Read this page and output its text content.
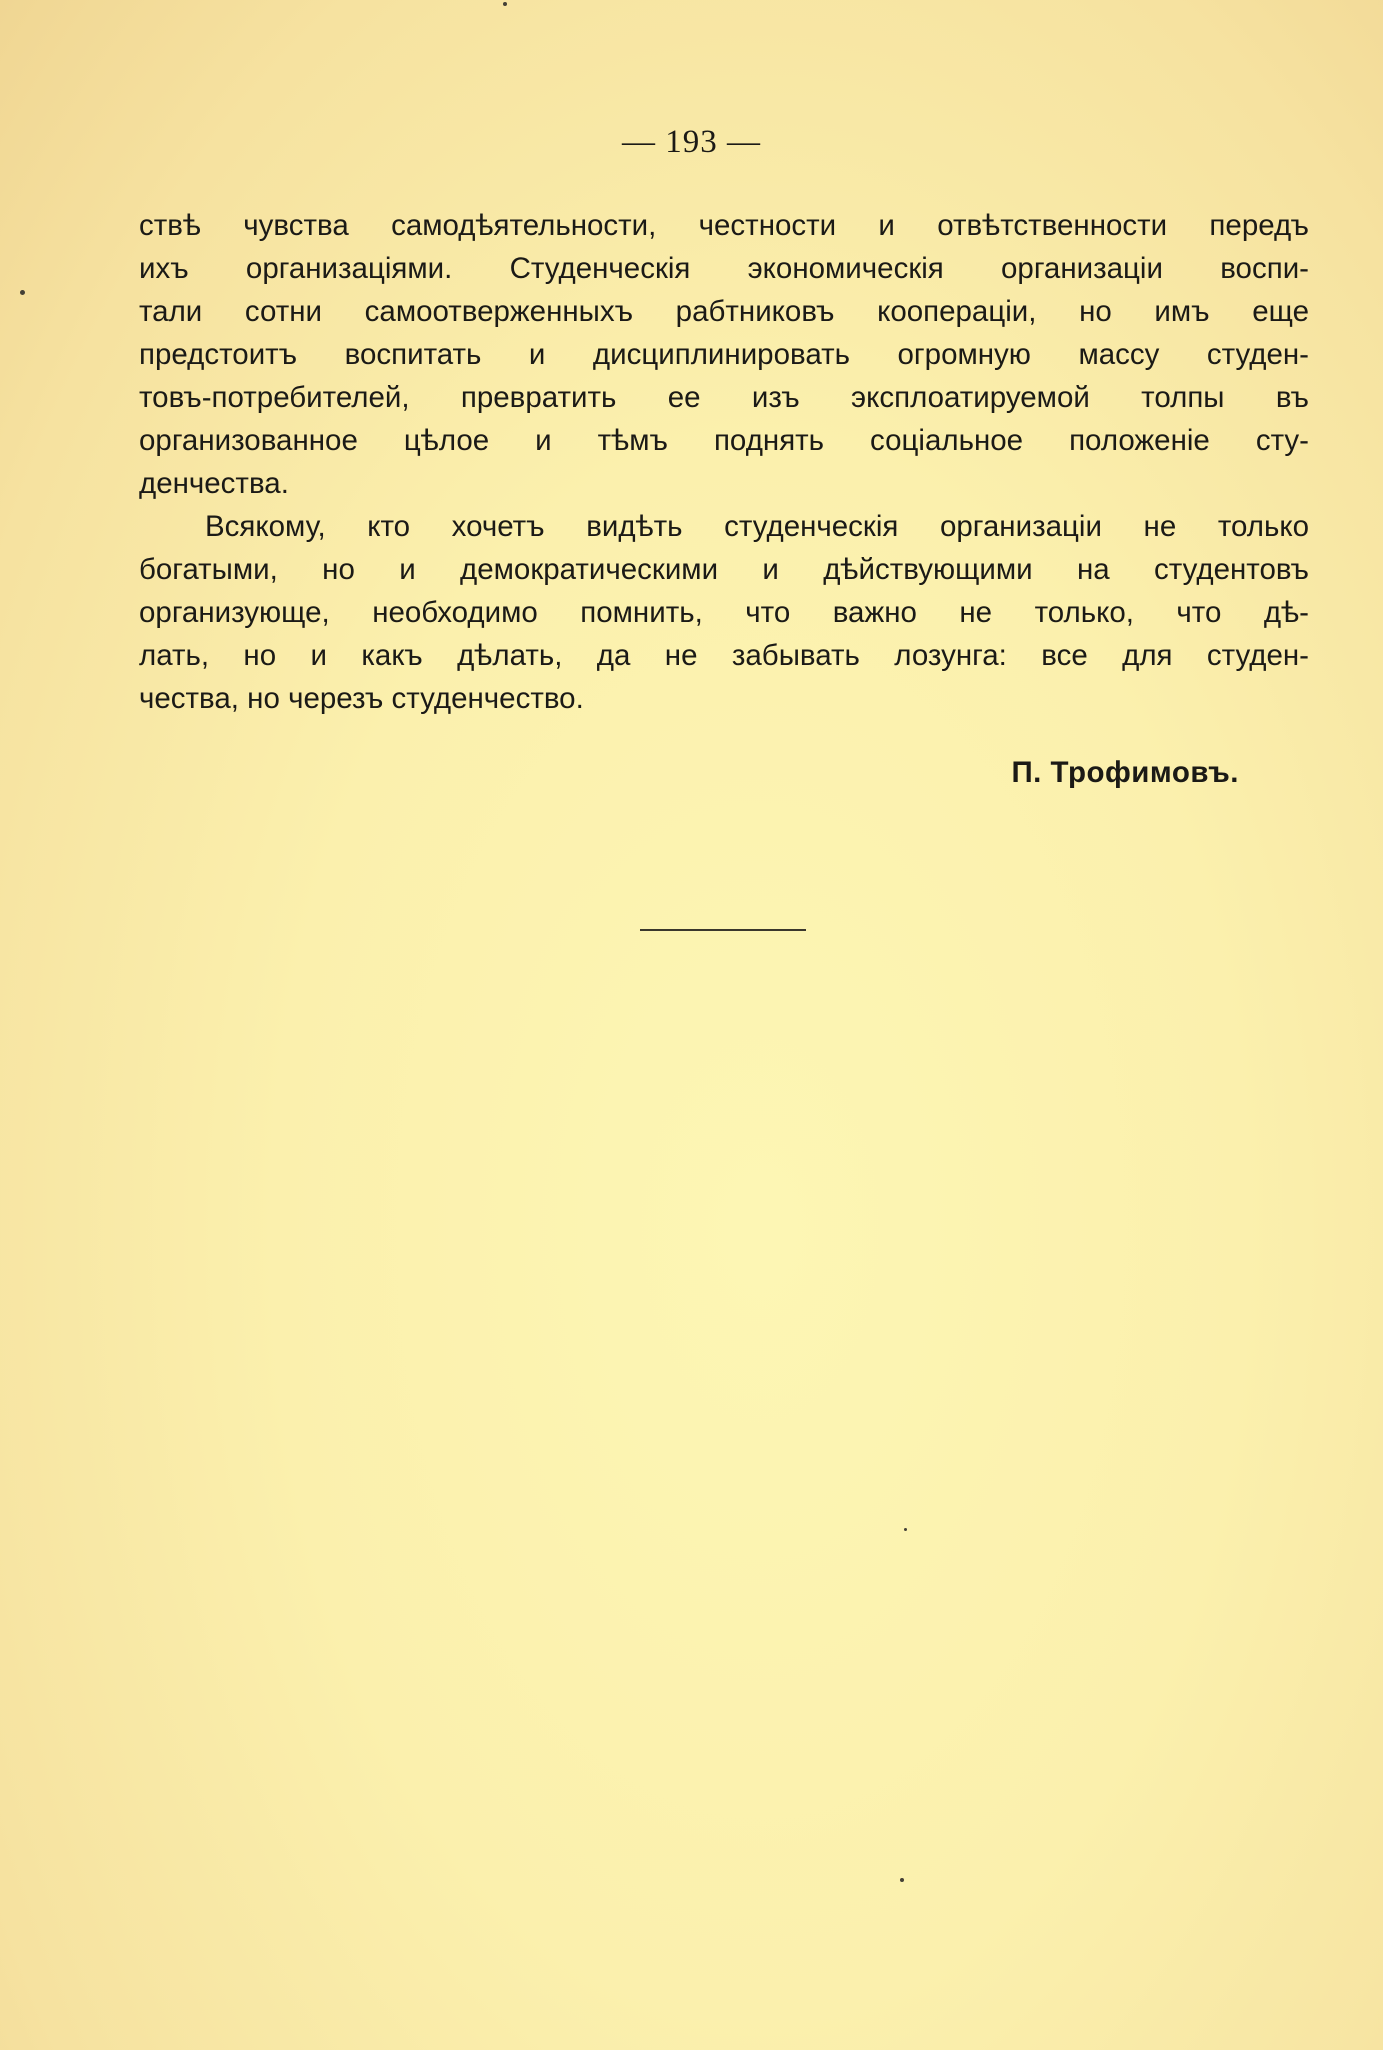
— 193 —
ствѣ чувства самодѣятельности, честности и отвѣтственности передъ
ихъ организаціями. Студенческія экономическія организаціи воспи-
тали сотни самоотверженныхъ рабтниковъ коопераціи, но имъ еще
предстоитъ воспитать и дисциплинировать огромную массу студен-
товъ-потребителей, превратить ее изъ эксплоатируемой толпы въ
организованное цѣлое и тѣмъ поднять соціальное положеніе сту-
денчества.
Всякому, кто хочетъ видѣть студенческія организаціи не только
богатыми, но и демократическими и дѣйствующими на студентовъ
организующе, необходимо помнить, что важно не только, что дѣ-
лать, но и какъ дѣлать, да не забывать лозунга: все для студен-
чества, но черезъ студенчество.
П. Трофимовъ.
